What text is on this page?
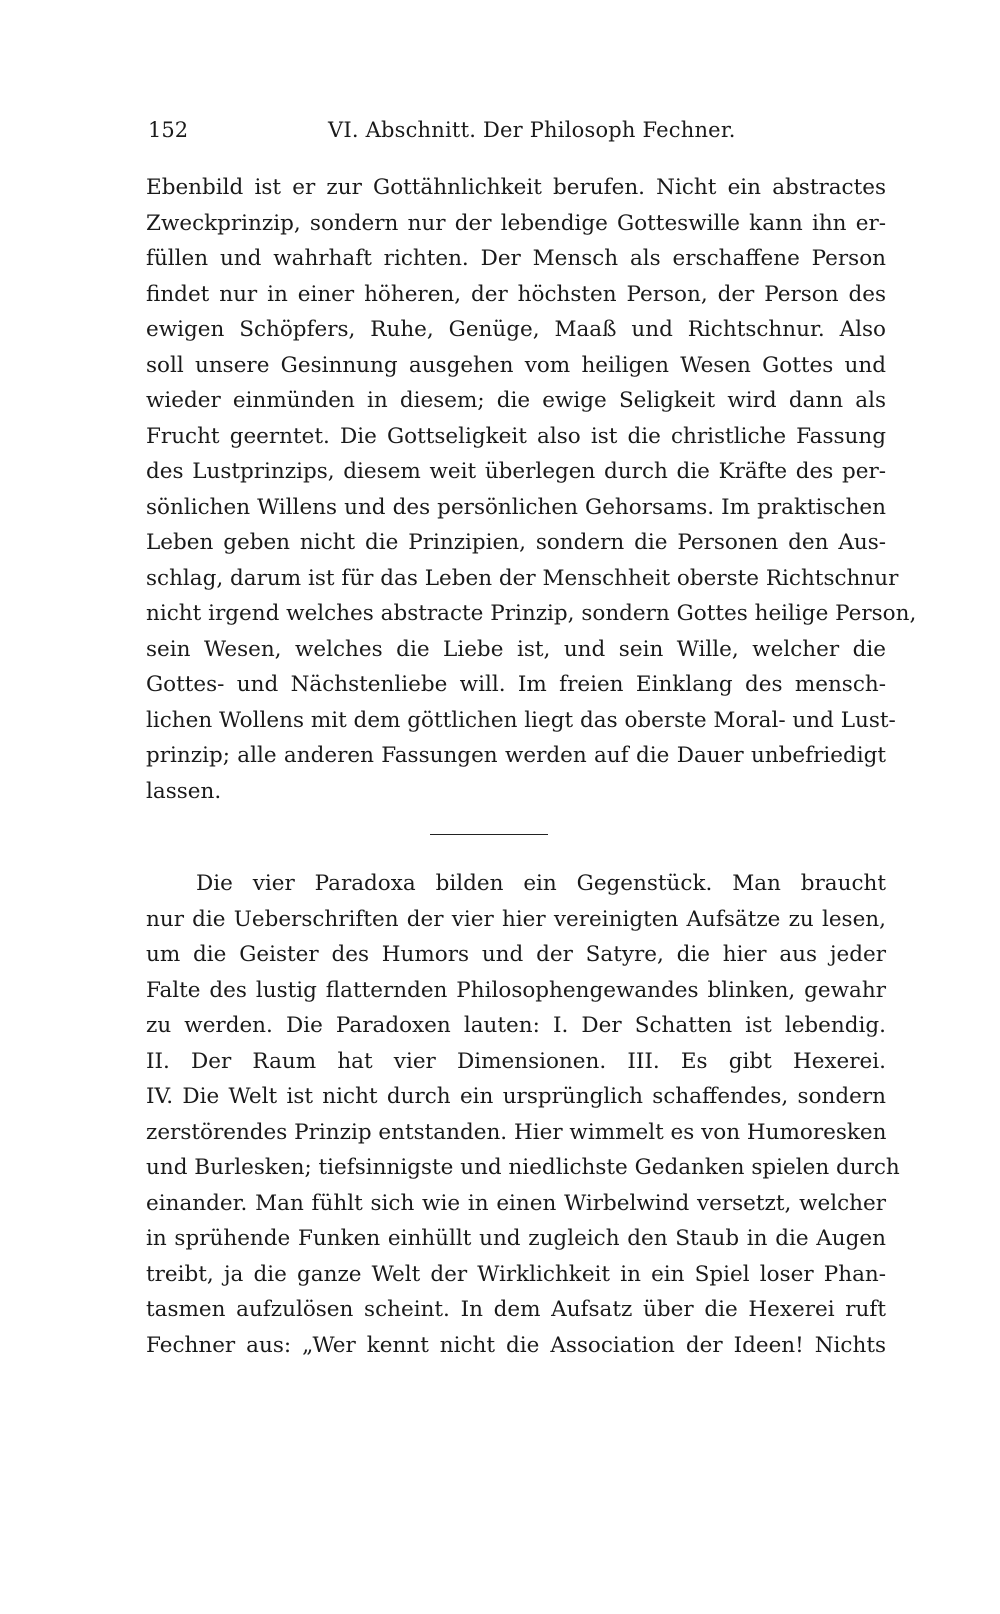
152	VI. Abschnitt. Der Philosoph Fechner.
Ebenbild ist er zur Gottähnlichkeit berufen. Nicht ein abstractes
Zweckprinzip, sondern nur der lebendige Gotteswille kann ihn er-
füllen und wahrhaft richten. Der Mensch als erschaffene Person
findet nur in einer höheren, der höchsten Person, der Person des
ewigen Schöpfers, Ruhe, Genüge, Maaß und Richtschnur. Also
soll unsere Gesinnung ausgehen vom heiligen Wesen Gottes und
wieder einmünden in diesem; die ewige Seligkeit wird dann als
Frucht geerntet. Die Gottseligkeit also ist die christliche Fassung
des Lustprinzips, diesem weit überlegen durch die Kräfte des per-
sönlichen Willens und des persönlichen Gehorsams. Im praktischen
Leben geben nicht die Prinzipien, sondern die Personen den Aus-
schlag, darum ist für das Leben der Menschheit oberste Richtschnur
nicht irgend welches abstracte Prinzip, sondern Gottes heilige Person,
sein Wesen, welches die Liebe ist, und sein Wille, welcher die
Gottes- und Nächstenliebe will. Im freien Einklang des mensch-
lichen Wollens mit dem göttlichen liegt das oberste Moral- und Lust-
prinzip; alle anderen Fassungen werden auf die Dauer unbefriedigt
lassen.
Die vier Paradoxa bilden ein Gegenstück. Man braucht
nur die Ueberschriften der vier hier vereinigten Aufsätze zu lesen,
um die Geister des Humors und der Satyre, die hier aus jeder
Falte des lustig flatternden Philosophengewandes blinken, gewahr
zu werden. Die Paradoxen lauten: I. Der Schatten ist lebendig.
II. Der Raum hat vier Dimensionen. III. Es gibt Hexerei.
IV. Die Welt ist nicht durch ein ursprünglich schaffendes, sondern
zerstörendes Prinzip entstanden. Hier wimmelt es von Humoresken
und Burlesken; tiefsinnigste und niedlichste Gedanken spielen durch
einander. Man fühlt sich wie in einen Wirbelwind versetzt, welcher
in sprühende Funken einhüllt und zugleich den Staub in die Augen
treibt, ja die ganze Welt der Wirklichkeit in ein Spiel loser Phan-
tasmen aufzulösen scheint. In dem Aufsatz über die Hexerei ruft
Fechner aus: „Wer kennt nicht die Association der Ideen! Nichts
